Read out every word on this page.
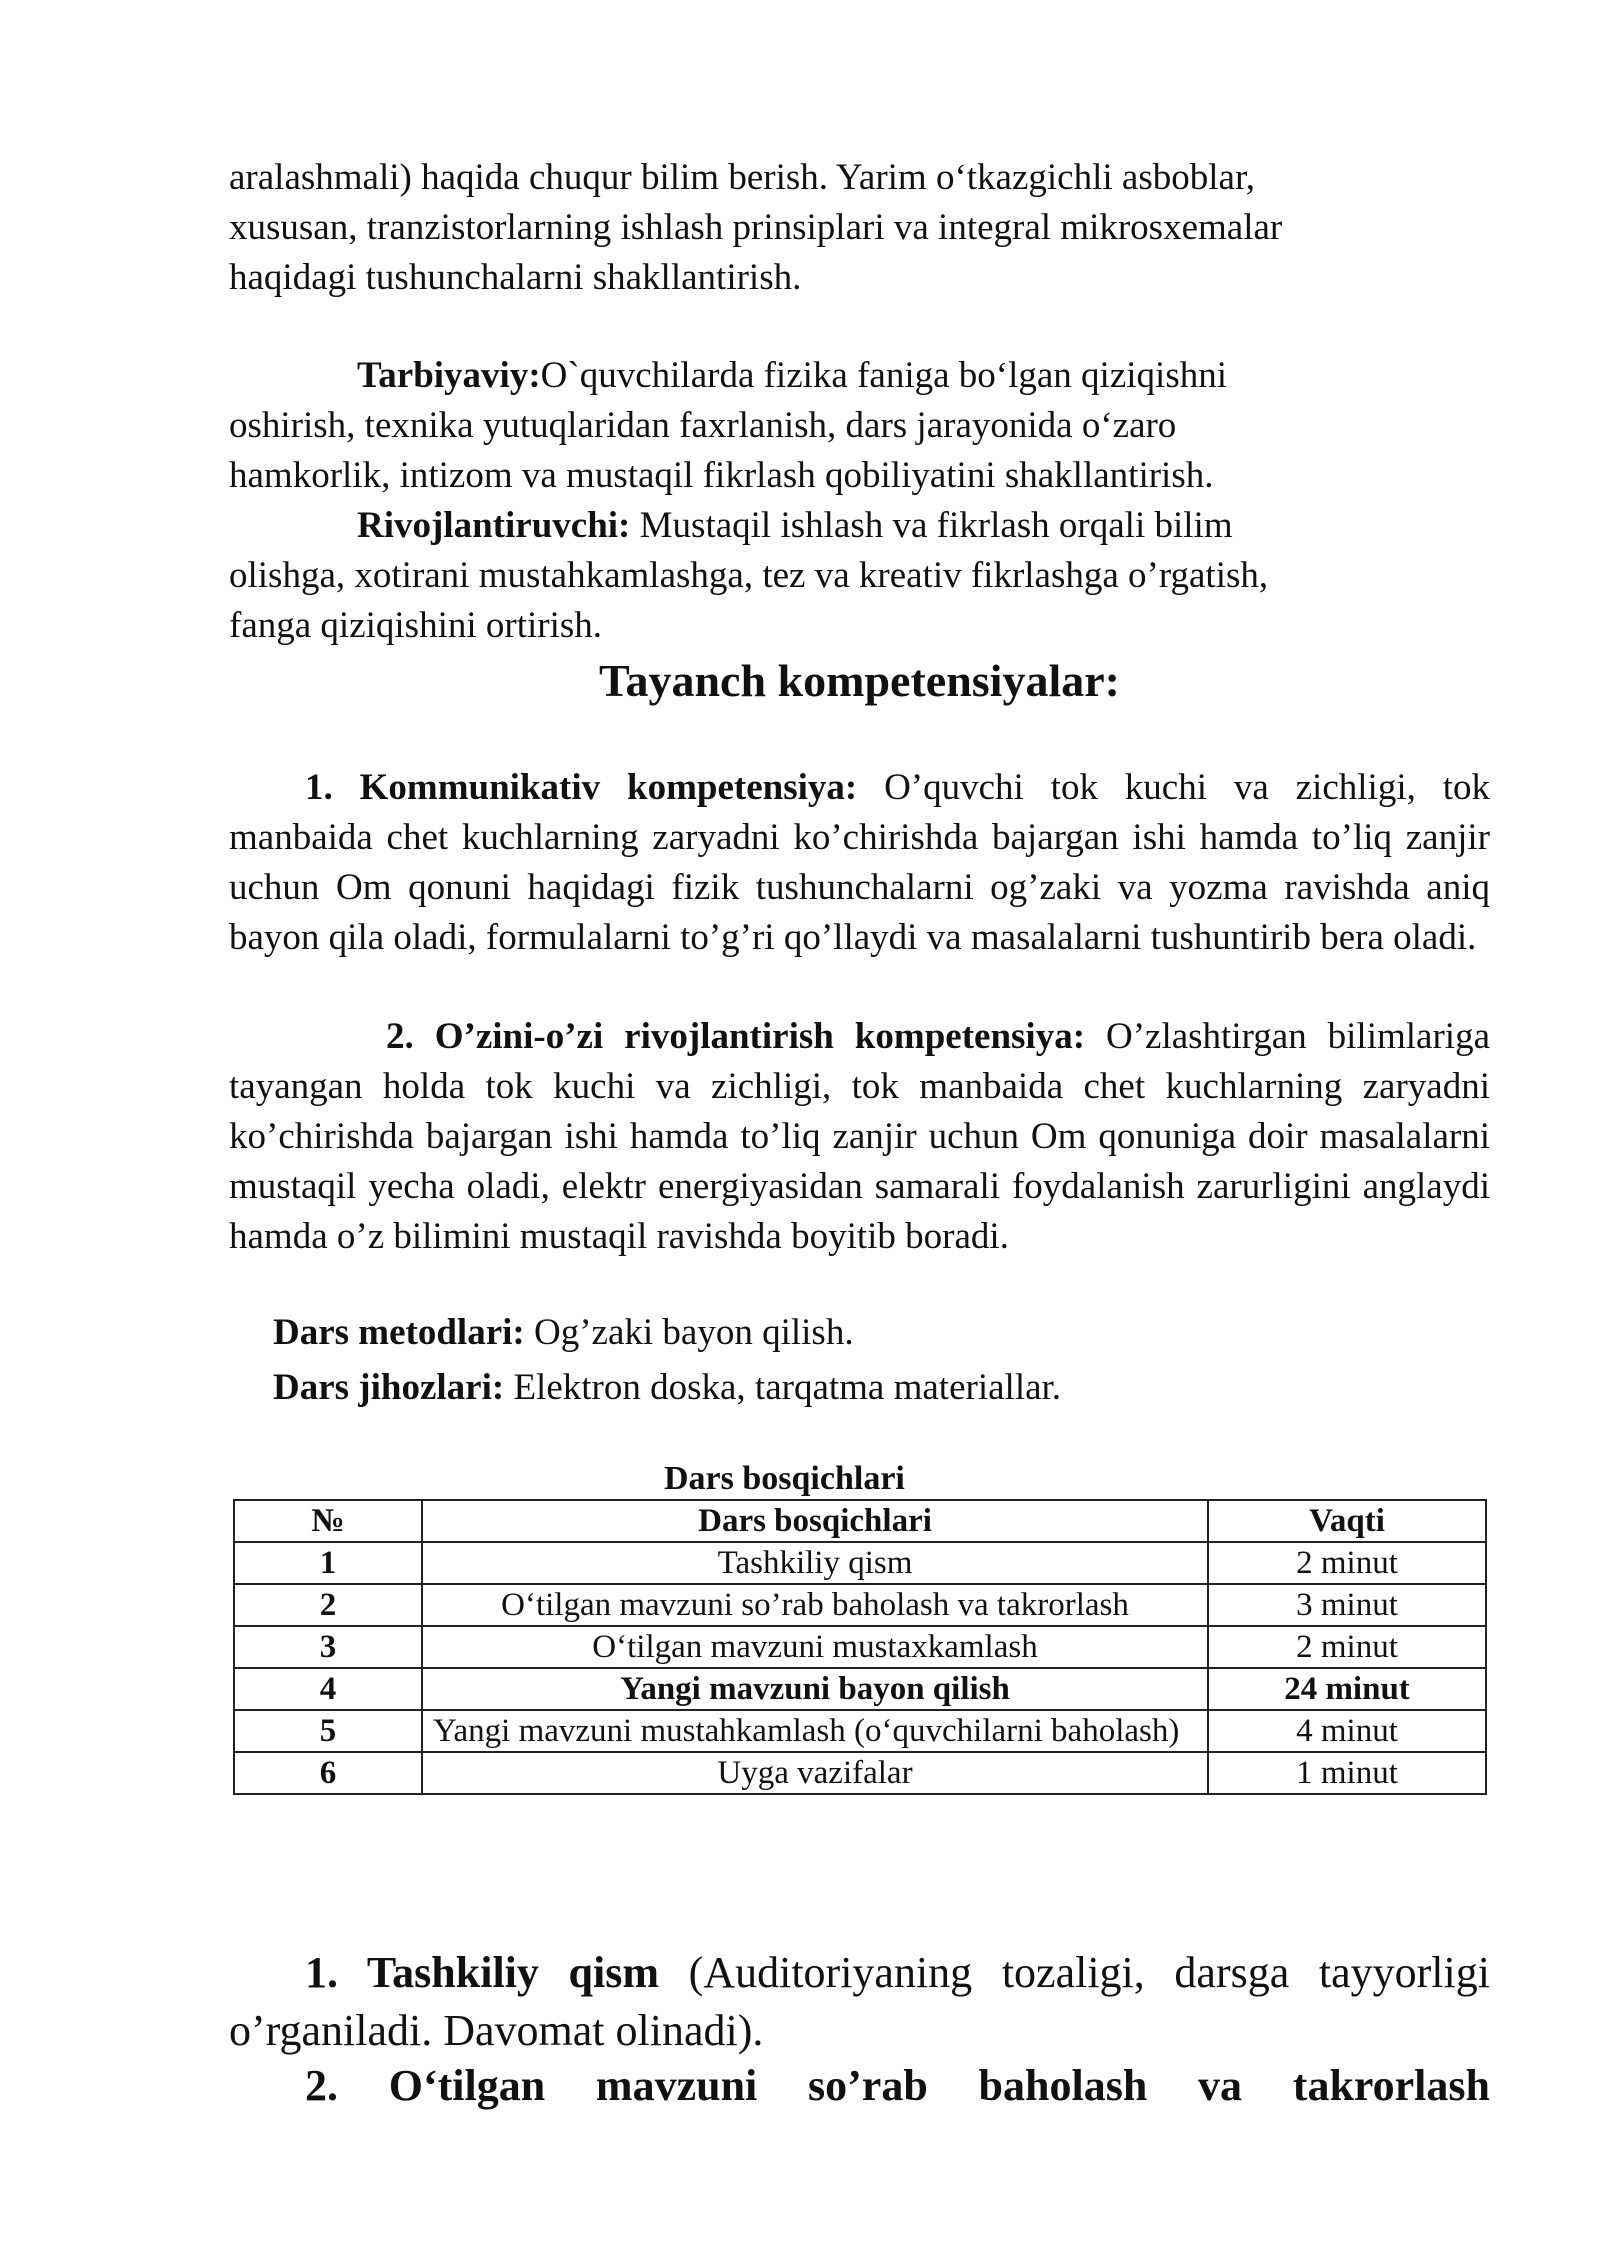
aralashmali) haqida chuqur bilim berish. Yarim o‘tkazgichli asboblar,
xususan, tranzistorlarning ishlash prinsiplari va integral mikrosxemalar
haqidagi tushunchalarni shakllantirish.
Tarbiyaviy:O`quvchilarda fizika faniga bo‘lgan qiziqishni
oshirish, texnika yutuqlaridan faxrlanish, dars jarayonida o‘zaro
hamkorlik, intizom va mustaqil fikrlash qobiliyatini shakllantirish.
Rivojlantiruvchi: Mustaqil ishlash va fikrlash orqali bilim
olishga, xotirani mustahkamlashga, tez va kreativ fikrlashga o’rgatish,
fanga qiziqishini ortirish.
Tayanch kompetensiyalar:
1. Kommunikativ kompetensiya: O’quvchi tok kuchi va zichligi, tok manbaida chet kuchlarning zaryadni ko’chirishda bajargan ishi hamda to’liq zanjir uchun Om qonuni haqidagi fizik tushunchalarni og’zaki va yozma ravishda aniq bayon qila oladi, formulalarni to’g’ri qo’llaydi va masalalarni tushuntirib bera oladi.
2. O’zini-o’zi rivojlantirish kompetensiya: O’zlashtirgan bilimlariga tayangan holda tok kuchi va zichligi, tok manbaida chet kuchlarning zaryadni ko’chirishda bajargan ishi hamda to’liq zanjir uchun Om qonuniga doir masalalarni mustaqil yecha oladi, elektr energiyasidan samarali foydalanish zarurligini anglaydi hamda o’z bilimini mustaqil ravishda boyitib boradi.
Dars metodlari: Og’zaki bayon qilish.
Dars jihozlari: Elektron doska, tarqatma materiallar.
Dars bosqichlari
№	Dars bosqichlari	Vaqti
1	Tashkiliy qism	2 minut
2	O‘tilgan mavzuni so’rab baholash va takrorlash	3 minut
3	O‘tilgan mavzuni mustaxkamlash	2 minut
4	Yangi mavzuni bayon qilish	24 minut
5	Yangi mavzuni mustahkamlash (o‘quvchilarni baholash)	4 minut
6	Uyga vazifalar	1 minut
1. Tashkiliy qism (Auditoriyaning tozaligi, darsga tayyorligi o’rganiladi. Davomat olinadi).
2. O‘tilgan mavzuni so’rab baholash va takrorlash
